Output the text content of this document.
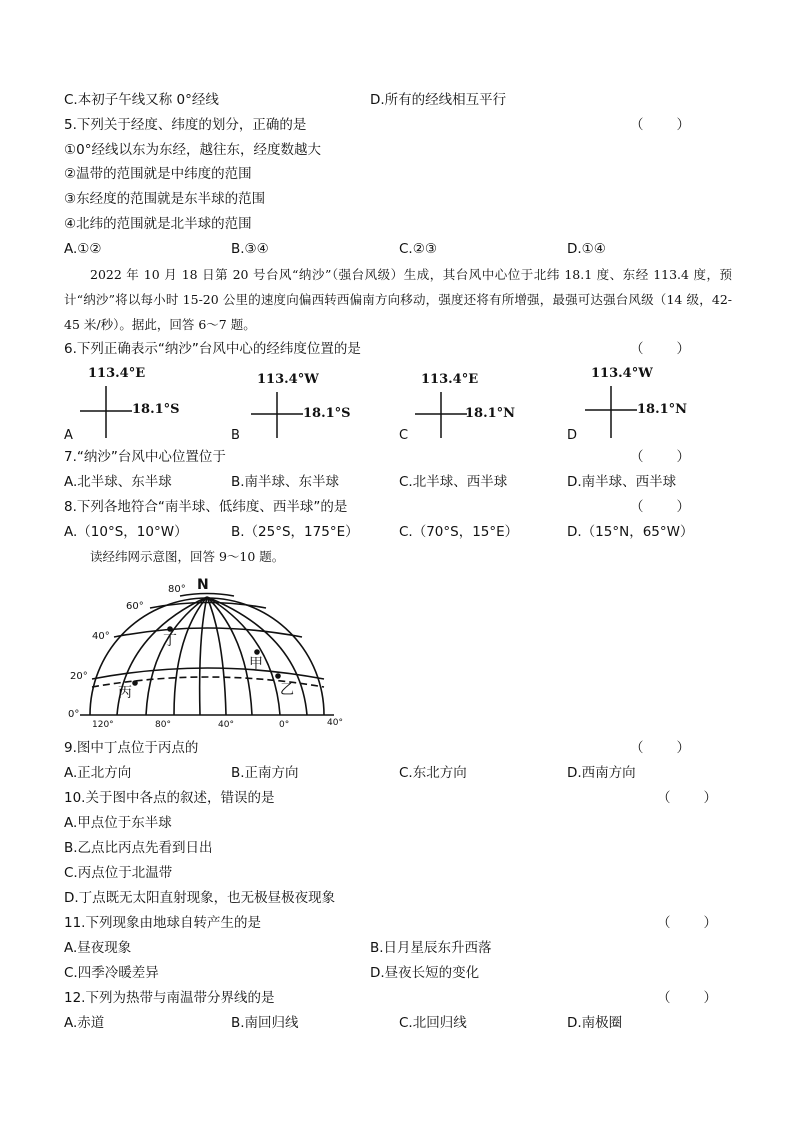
C.本初子午线又称 0°经线	D.所有的经线相互平行
5.下列关于经度、纬度的划分，正确的是	（　　）
①0°经线以东为东经，越往东，经度数越大
②温带的范围就是中纬度的范围
③东经度的范围就是东半球的范围
④北纬的范围就是北半球的范围
A.①②	B.③④	C.②③	D.①④
2022 年 10 月 18 日第 20 号台风“纳沙”（强台风级）生成，其台风中心位于北纬 18.1 度、东经 113.4 度，预计“纳沙”将以每小时 15-20 公里的速度向偏西转西偏南方向移动，强度还将有所增强，最强可达强台风级（14 级，42-45 米/秒）。据此，回答 6～7 题。
6.下列正确表示“纳沙”台风中心的经纬度位置的是	（　　）
113.4°E
18.1°S
A
113.4°W
18.1°S
B
113.4°E
18.1°N
C
113.4°W
18.1°N
D
7.“纳沙”台风中心位置位于	（　　）
A.北半球、东半球	B.南半球、东半球	C.北半球、西半球	D.南半球、西半球
8.下列各地符合“南半球、低纬度、西半球”的是	（　　）
A.（10°S，10°W）	B.（25°S，175°E）	C.（70°S，15°E）	D.（15°N，65°W）
读经纬网示意图，回答 9～10 题。
N
80°
60°
40°
20°
0°
120°	80°	40°	0°	40°
丁
甲
丙	乙
9.图中丁点位于丙点的	（　　）
A.正北方向	B.正南方向	C.东北方向	D.西南方向
10.关于图中各点的叙述，错误的是	（　　）
A.甲点位于东半球
B.乙点比丙点先看到日出
C.丙点位于北温带
D.丁点既无太阳直射现象，也无极昼极夜现象
11.下列现象由地球自转产生的是	（　　）
A.昼夜现象	B.日月星辰东升西落
C.四季冷暖差异	D.昼夜长短的变化
12.下列为热带与南温带分界线的是	（　　）
A.赤道	B.南回归线	C.北回归线	D.南极圈
